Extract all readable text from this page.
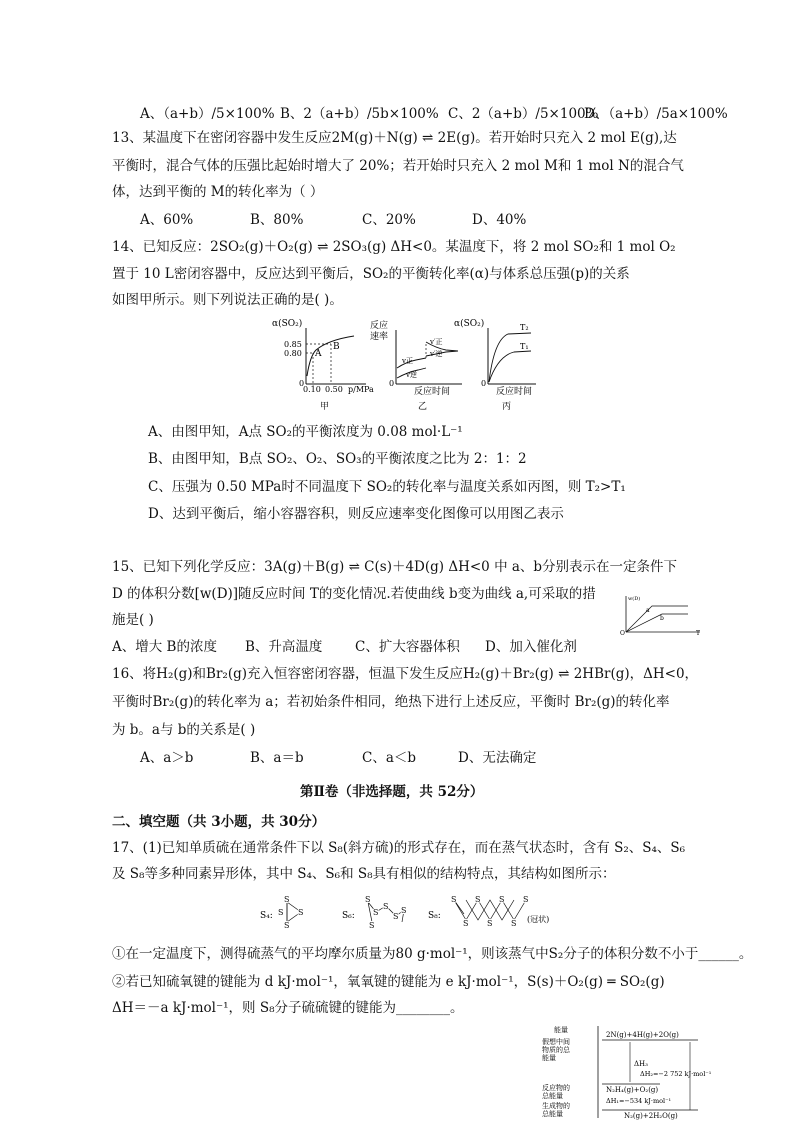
A、（a+b）/5×100% B、2（a+b）/5b×100% C、2（a+b）/5×100%D、（a+b）/5a×100%
13、某温度下在密闭容器中发生反应2M(g)＋N(g) ⇌ 2E(g)。若开始时只充入 2 mol E(g),达
平衡时，混合气体的压强比起始时增大了 20%；若开始时只充入 2 mol M和 1 mol N的混合气
体，达到平衡的 M的转化率为（ ）
A、60%	B、80%	C、20%	D、40%
14、已知反应：2SO₂(g)＋O₂(g) ⇌ 2SO₃(g) ΔH<0。某温度下，将 2 mol SO₂和 1 mol O₂
置于 10 L密闭容器中，反应达到平衡后，SO₂的平衡转化率(α)与体系总压强(p)的关系
如图甲所示。则下列说法正确的是( )。
α(SO₂)
0.85
0.80 A
B
0
0.10 0.50 p/MPa
甲
反应
速率	v′正
v′逆
v正
v逆
0
反应时间
乙
α(SO₂)	T₂
T₁
0
反应时间
丙
A、由图甲知，A点 SO₂的平衡浓度为 0.08 mol·L⁻¹
B、由图甲知，B点 SO₂、O₂、SO₃的平衡浓度之比为 2：1：2
C、压强为 0.50 MPa时不同温度下 SO₂的转化率与温度关系如丙图，则 T₂>T₁
D、达到平衡后，缩小容器容积，则反应速率变化图像可以用图乙表示
15、已知下列化学反应：3A(g)＋B(g) ⇌ C(s)＋4D(g) ΔH<0 中 a、b分别表示在一定条件下
D 的体积分数[w(D)]随反应时间 T的变化情况.若使曲线 b变为曲线 a,可采取的措
施是( )
w(D)
a
b
O	T
A、增大 B的浓度 B、升高温度 C、扩大容器体积 D、加入催化剂
16、将H₂(g)和Br₂(g)充入恒容密闭容器，恒温下发生反应H₂(g)＋Br₂(g) ⇌ 2HBr(g)，ΔH<0，
平衡时Br₂(g)的转化率为 a；若初始条件相同，绝热下进行上述反应，平衡时 Br₂(g)的转化率
为 b。a与 b的关系是( )
A、a＞b	B、a＝b	C、a＜b	D、无法确定
第Ⅱ卷（非选择题，共 52分）
二、填空题（共 3小题，共 30分）
17、(1)已知单质硫在通常条件下以 S₈(斜方硫)的形式存在，而在蒸气状态时，含有 S₂、S₄、S₆
及 S₈等多种同素异形体，其中 S₄、S₆和 S₈具有相似的结构特点，其结构如图所示：
S₄:
S
S S
S
S₆:
S
S
S
S
S
S
S₈:
S S S S
S S S (冠状)
①在一定温度下，测得硫蒸气的平均摩尔质量为80 g·mol⁻¹，则该蒸气中S₂分子的体积分数不小于______。
②若已知硫氧键的键能为 d kJ·mol⁻¹，氧氧键的键能为 e kJ·mol⁻¹，S(s)＋O₂(g) ═ SO₂(g)
ΔH＝－a kJ·mol⁻¹，则 S₈分子硫硫键的键能为________。
能量
2N(g)+4H(g)+2O(g)
假想中间
物质的总
能量
ΔH₃
ΔH₂=−2 752 kJ·mol⁻¹
反应物的
总能量
N₂H₄(g)+O₂(g)
ΔH₁=−534 kJ·mol⁻¹
生成物的
总能量	N₂(g)+2H₂O(g)
